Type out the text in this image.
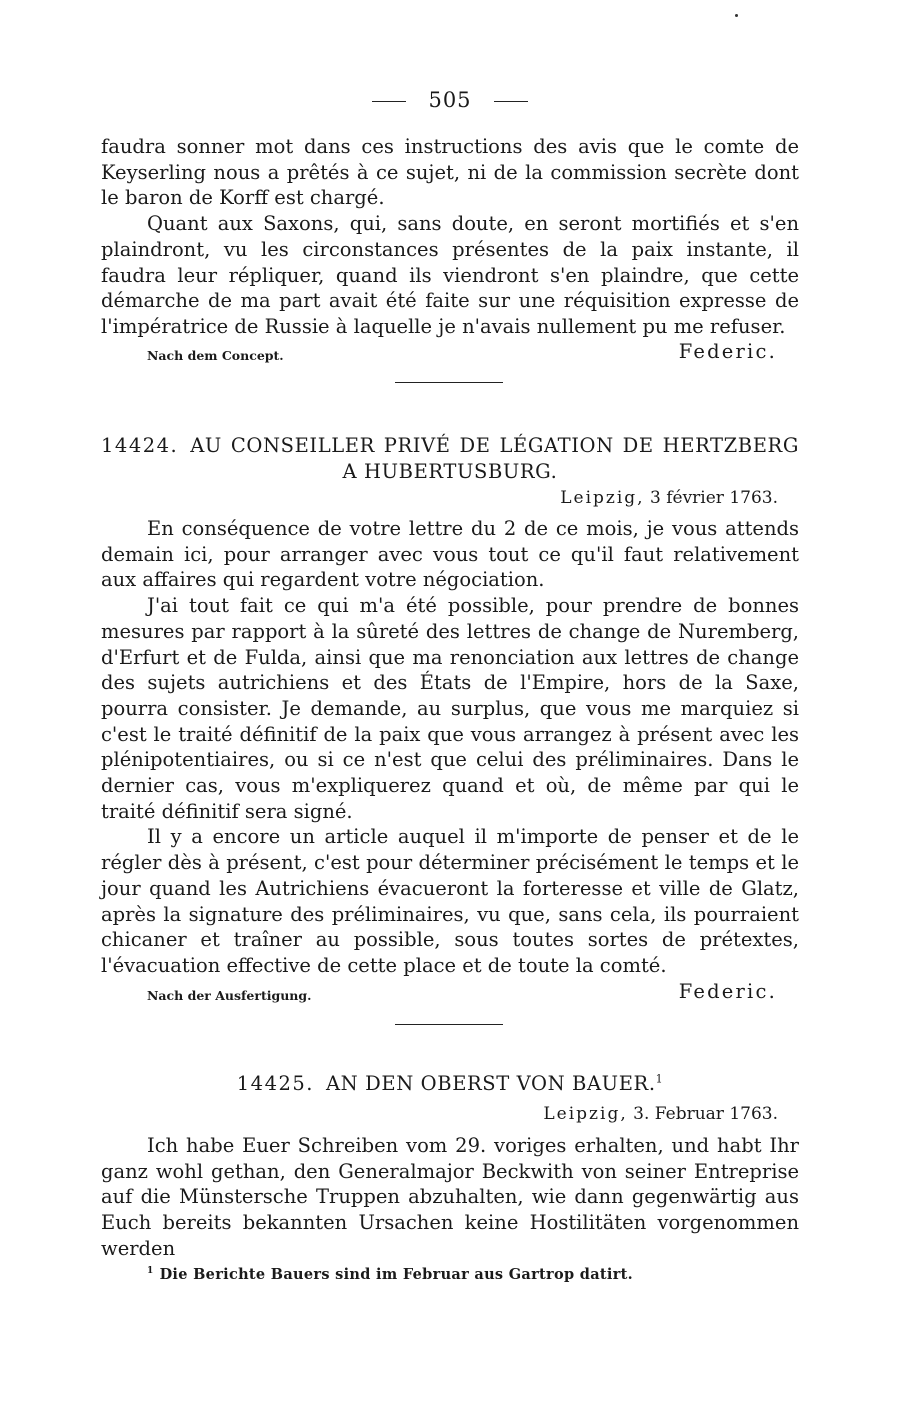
505

faudra sonner mot dans ces instructions des avis que le comte de Keyserling nous a prêtés à ce sujet, ni de la commission secrète dont le baron de Korff est chargé.

Quant aux Saxons, qui, sans doute, en seront mortifiés et s'en plaindront, vu les circonstances présentes de la paix instante, il faudra leur répliquer, quand ils viendront s'en plaindre, que cette démarche de ma part avait été faite sur une réquisition expresse de l'impératrice de Russie à laquelle je n'avais nullement pu me refuser.

Nach dem Concept.	Federic.
14424. AU CONSEILLER PRIVÉ DE LÉGATION DE HERTZBERG A HUBERTUSBURG.
Leipzig, 3 février 1763.

En conséquence de votre lettre du 2 de ce mois, je vous attends demain ici, pour arranger avec vous tout ce qu'il faut relativement aux affaires qui regardent votre négociation.

J'ai tout fait ce qui m'a été possible, pour prendre de bonnes mesures par rapport à la sûreté des lettres de change de Nuremberg, d'Erfurt et de Fulda, ainsi que ma renonciation aux lettres de change des sujets autrichiens et des États de l'Empire, hors de la Saxe, pourra consister. Je demande, au surplus, que vous me marquiez si c'est le traité définitif de la paix que vous arrangez à présent avec les plénipotentiaires, ou si ce n'est que celui des préliminaires. Dans le dernier cas, vous m'expliquerez quand et où, de même par qui le traité définitif sera signé.

Il y a encore un article auquel il m'importe de penser et de le régler dès à présent, c'est pour déterminer précisément le temps et le jour quand les Autrichiens évacueront la forteresse et ville de Glatz, après la signature des préliminaires, vu que, sans cela, ils pourraient chicaner et traîner au possible, sous toutes sortes de prétextes, l'évacuation effective de cette place et de toute la comté.

Nach der Ausfertigung.	Federic.
14425. AN DEN OBERST VON BAUER.$^1$
Leipzig, 3. Februar 1763.

Ich habe Euer Schreiben vom 29. voriges erhalten, und habt Ihr ganz wohl gethan, den Generalmajor Beckwith von seiner Entreprise auf die Münstersche Truppen abzuhalten, wie dann gegenwärtig aus Euch bereits bekannten Ursachen keine Hostilitäten vorgenommen werden

$^1$ Die Berichte Bauers sind im Februar aus Gartrop datirt.
